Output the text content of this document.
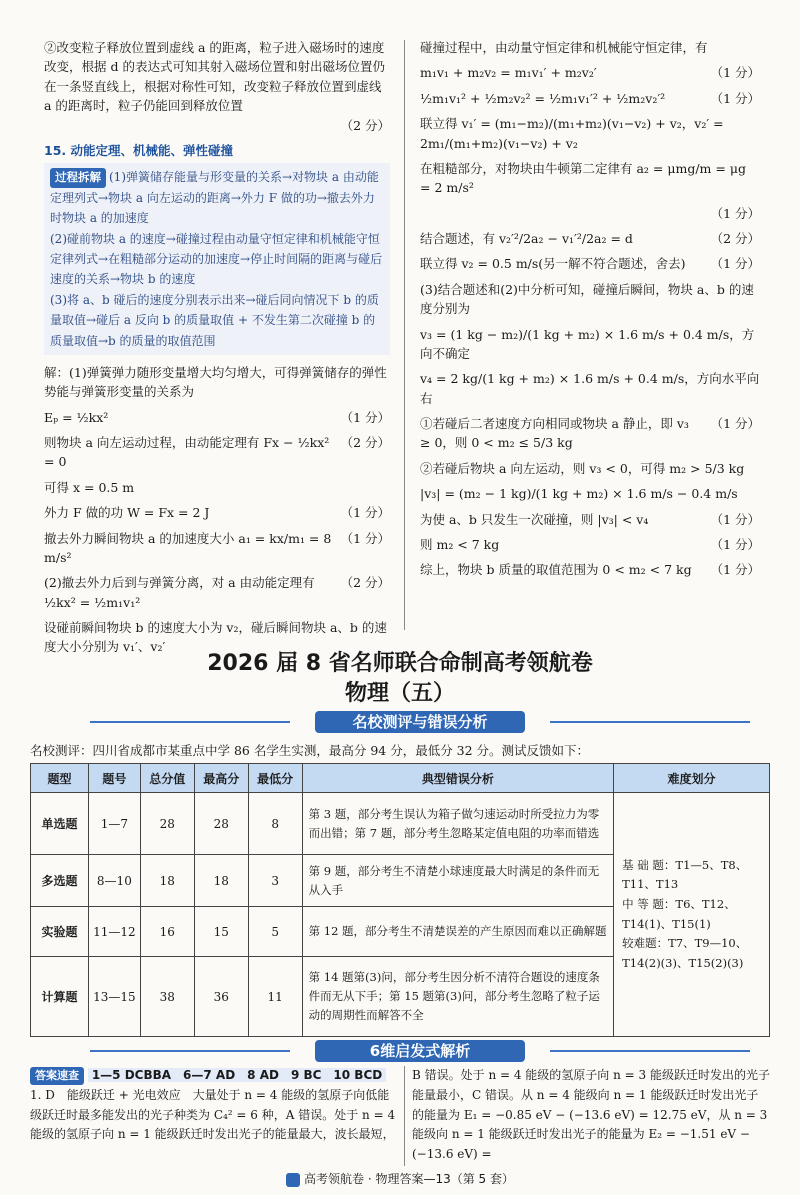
②改变粒子释放位置到虚线 a 的距离，粒子进入磁场时的速度改变，根据 d 的表达式可知其射入磁场位置和射出磁场位置仍在一条竖直线上，根据对称性可知，改变粒子释放位置到虚线 a 的距离时，粒子仍能回到释放位置
（2 分）
15. 动能定理、机械能、弹性碰撞
过程拆解 (1)弹簧储存能量与形变量的关系→对物块 a 由动能定理列式→物块 a 向左运动的距离→外力 F 做的功→撤去外力时物块 a 的加速度
(2)碰前物块 a 的速度→碰撞过程由动量守恒定律和机械能守恒定律列式→在粗糙部分运动的加速度→停止时间隔的距离与碰后速度的关系→物块 b 的速度
(3)将 a、b 碰后的速度分别表示出来→碰后同向情况下 b 的质量取值→碰后 a 反向 b 的质量取值 + 不发生第二次碰撞 b 的质量取值→b 的质量的取值范围

解：(1)弹簧弹力随形变量增大均匀增大，可得弹簧储存的弹性势能与弹簧形变量的关系为

Eₚ = ½kx²	（1 分）
则物块 a 向左运动过程，由动能定理有 Fx − ½kx² = 0
（2 分）
可得 x = 0.5 m
外力 F 做的功 W = Fx = 2 J	（1 分）
撤去外力瞬间物块 a 的加速度大小 a₁ = kx/m₁ = 8 m/s²
（1 分）
(2)撤去外力后到与弹簧分离，对 a 由动能定理有 ½kx² = ½m₁v₁²
（2 分）

设碰前瞬间物块 b 的速度大小为 v₂，碰后瞬间物块 a、b 的速度大小分别为 v₁′、v₂′

碰撞过程中，由动量守恒定律和机械能守恒定律，有

m₁v₁ + m₂v₂ = m₁v₁′ + m₂v₂′	（1 分）
½m₁v₁² + ½m₂v₂² = ½m₁v₁′² + ½m₂v₂′²	（1 分）

联立得 v₁′ = (m₁−m₂)/(m₁+m₂)(v₁−v₂) + v₂，v₂′ = 2m₁/(m₁+m₂)(v₁−v₂) + v₂

在粗糙部分，对物块由牛顿第二定律有 a₂ = μmg/m = μg = 2 m/s²
（1 分）
结合题述，有 v₂′²/2a₂ − v₁′²/2a₂ = d	（2 分）
联立得 v₂ = 0.5 m/s(另一解不符合题述，舍去) （1 分）

(3)结合题述和(2)中分析可知，碰撞后瞬间，物块 a、b 的速度分别为

v₃ = (1 kg − m₂)/(1 kg + m₂) × 1.6 m/s + 0.4 m/s，方向不确定

v₄ = 2 kg/(1 kg + m₂) × 1.6 m/s + 0.4 m/s，方向水平向右

①若碰后二者速度方向相同或物块 a 静止，即 v₃ ≥ 0，则 0 < m₂ ≤ 5/3 kg
（1 分）

②若碰后物块 a 向左运动，则 v₃ < 0，可得 m₂ > 5/3 kg

|v₃| = (m₂ − 1 kg)/(1 kg + m₂) × 1.6 m/s − 0.4 m/s

为使 a、b 只发生一次碰撞，则 |v₃| < v₄	（1 分）
则 m₂ < 7 kg	（1 分）
综上，物块 b 质量的取值范围为 0 < m₂ < 7 kg （1 分）
2026 届 8 省名师联合命制高考领航卷
物理（五）
名校测评与错误分析
名校测评：四川省成都市某重点中学 86 名学生实测，最高分 94 分，最低分 32 分。测试反馈如下：
题型	题号	总分值	最高分	最低分	典型错误分析	难度划分
单选题	1—7	28	28	8	第 3 题，部分考生误认为箱子做匀速运动时所受拉力为零而出错；第 7 题，部分考生忽略某定值电阻的功率而错选	基 础 题：T1—5、T8、T11、T13
中 等 题：T6、T12、T14(1)、T15(1)
较难题：T7、T9—10、T14(2)(3)、T15(2)(3)

多选题	8—10	18	18	3	第 9 题，部分考生不清楚小球速度最大时满足的条件而无从入手	
实验题	11—12	16	15	5	第 12 题，部分考生不清楚误差的产生原因而难以正确解题	
计算题	13—15	38	36	11	第 14 题第(3)问，部分考生因分析不清符合题设的速度条件而无从下手；第 15 题第(3)问，部分考生忽略了粒子运动的周期性而解答不全	
6维启发式解析
答案速查 1—5 DCBBA　6—7 AD　8 AD　9 BC　10 BCD
1. D　能级跃迁 + 光电效应　大量处于 n = 4 能级的氢原子向低能级跃迁时最多能发出的光子种类为 C₄² = 6 种，A 错误。处于 n = 4 能级的氢原子向 n = 1 能级跃迁时发出光子的能量最大，波长最短，
B 错误。处于 n = 4 能级的氢原子向 n = 3 能级跃迁时发出的光子能量最小，C 错误。从 n = 4 能级向 n = 1 能级跃迁时发出光子的能量为 E₁ = −0.85 eV − (−13.6 eV) = 12.75 eV，从 n = 3 能级向 n = 1 能级跃迁时发出光子的能量为 E₂ = −1.51 eV − (−13.6 eV) =
高考领航卷 · 物理答案—13（第 5 套）
